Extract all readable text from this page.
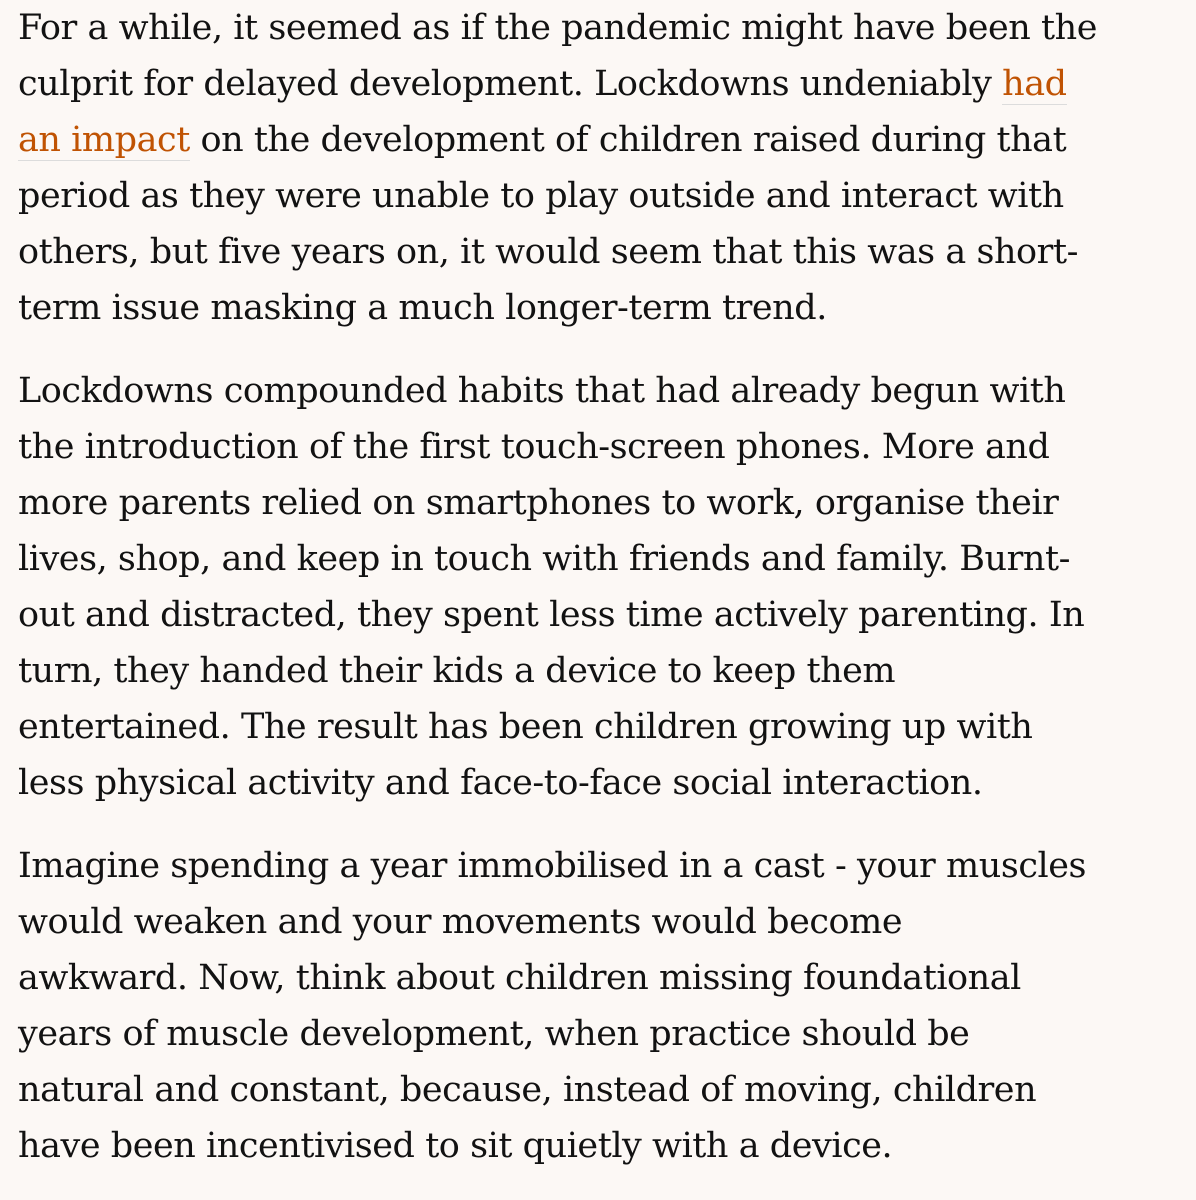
For a while, it seemed as if the pandemic might have been the
culprit for delayed development. Lockdowns undeniably had
an impact on the development of children raised during that
period as they were unable to play outside and interact with
others, but five years on, it would seem that this was a short-
term issue masking a much longer-term trend.

Lockdowns compounded habits that had already begun with
the introduction of the first touch-screen phones. More and
more parents relied on smartphones to work, organise their
lives, shop, and keep in touch with friends and family. Burnt-
out and distracted, they spent less time actively parenting. In
turn, they handed their kids a device to keep them
entertained. The result has been children growing up with
less physical activity and face-to-face social interaction.

Imagine spending a year immobilised in a cast - your muscles
would weaken and your movements would become
awkward. Now, think about children missing foundational
years of muscle development, when practice should be
natural and constant, because, instead of moving, children
have been incentivised to sit quietly with a device.
